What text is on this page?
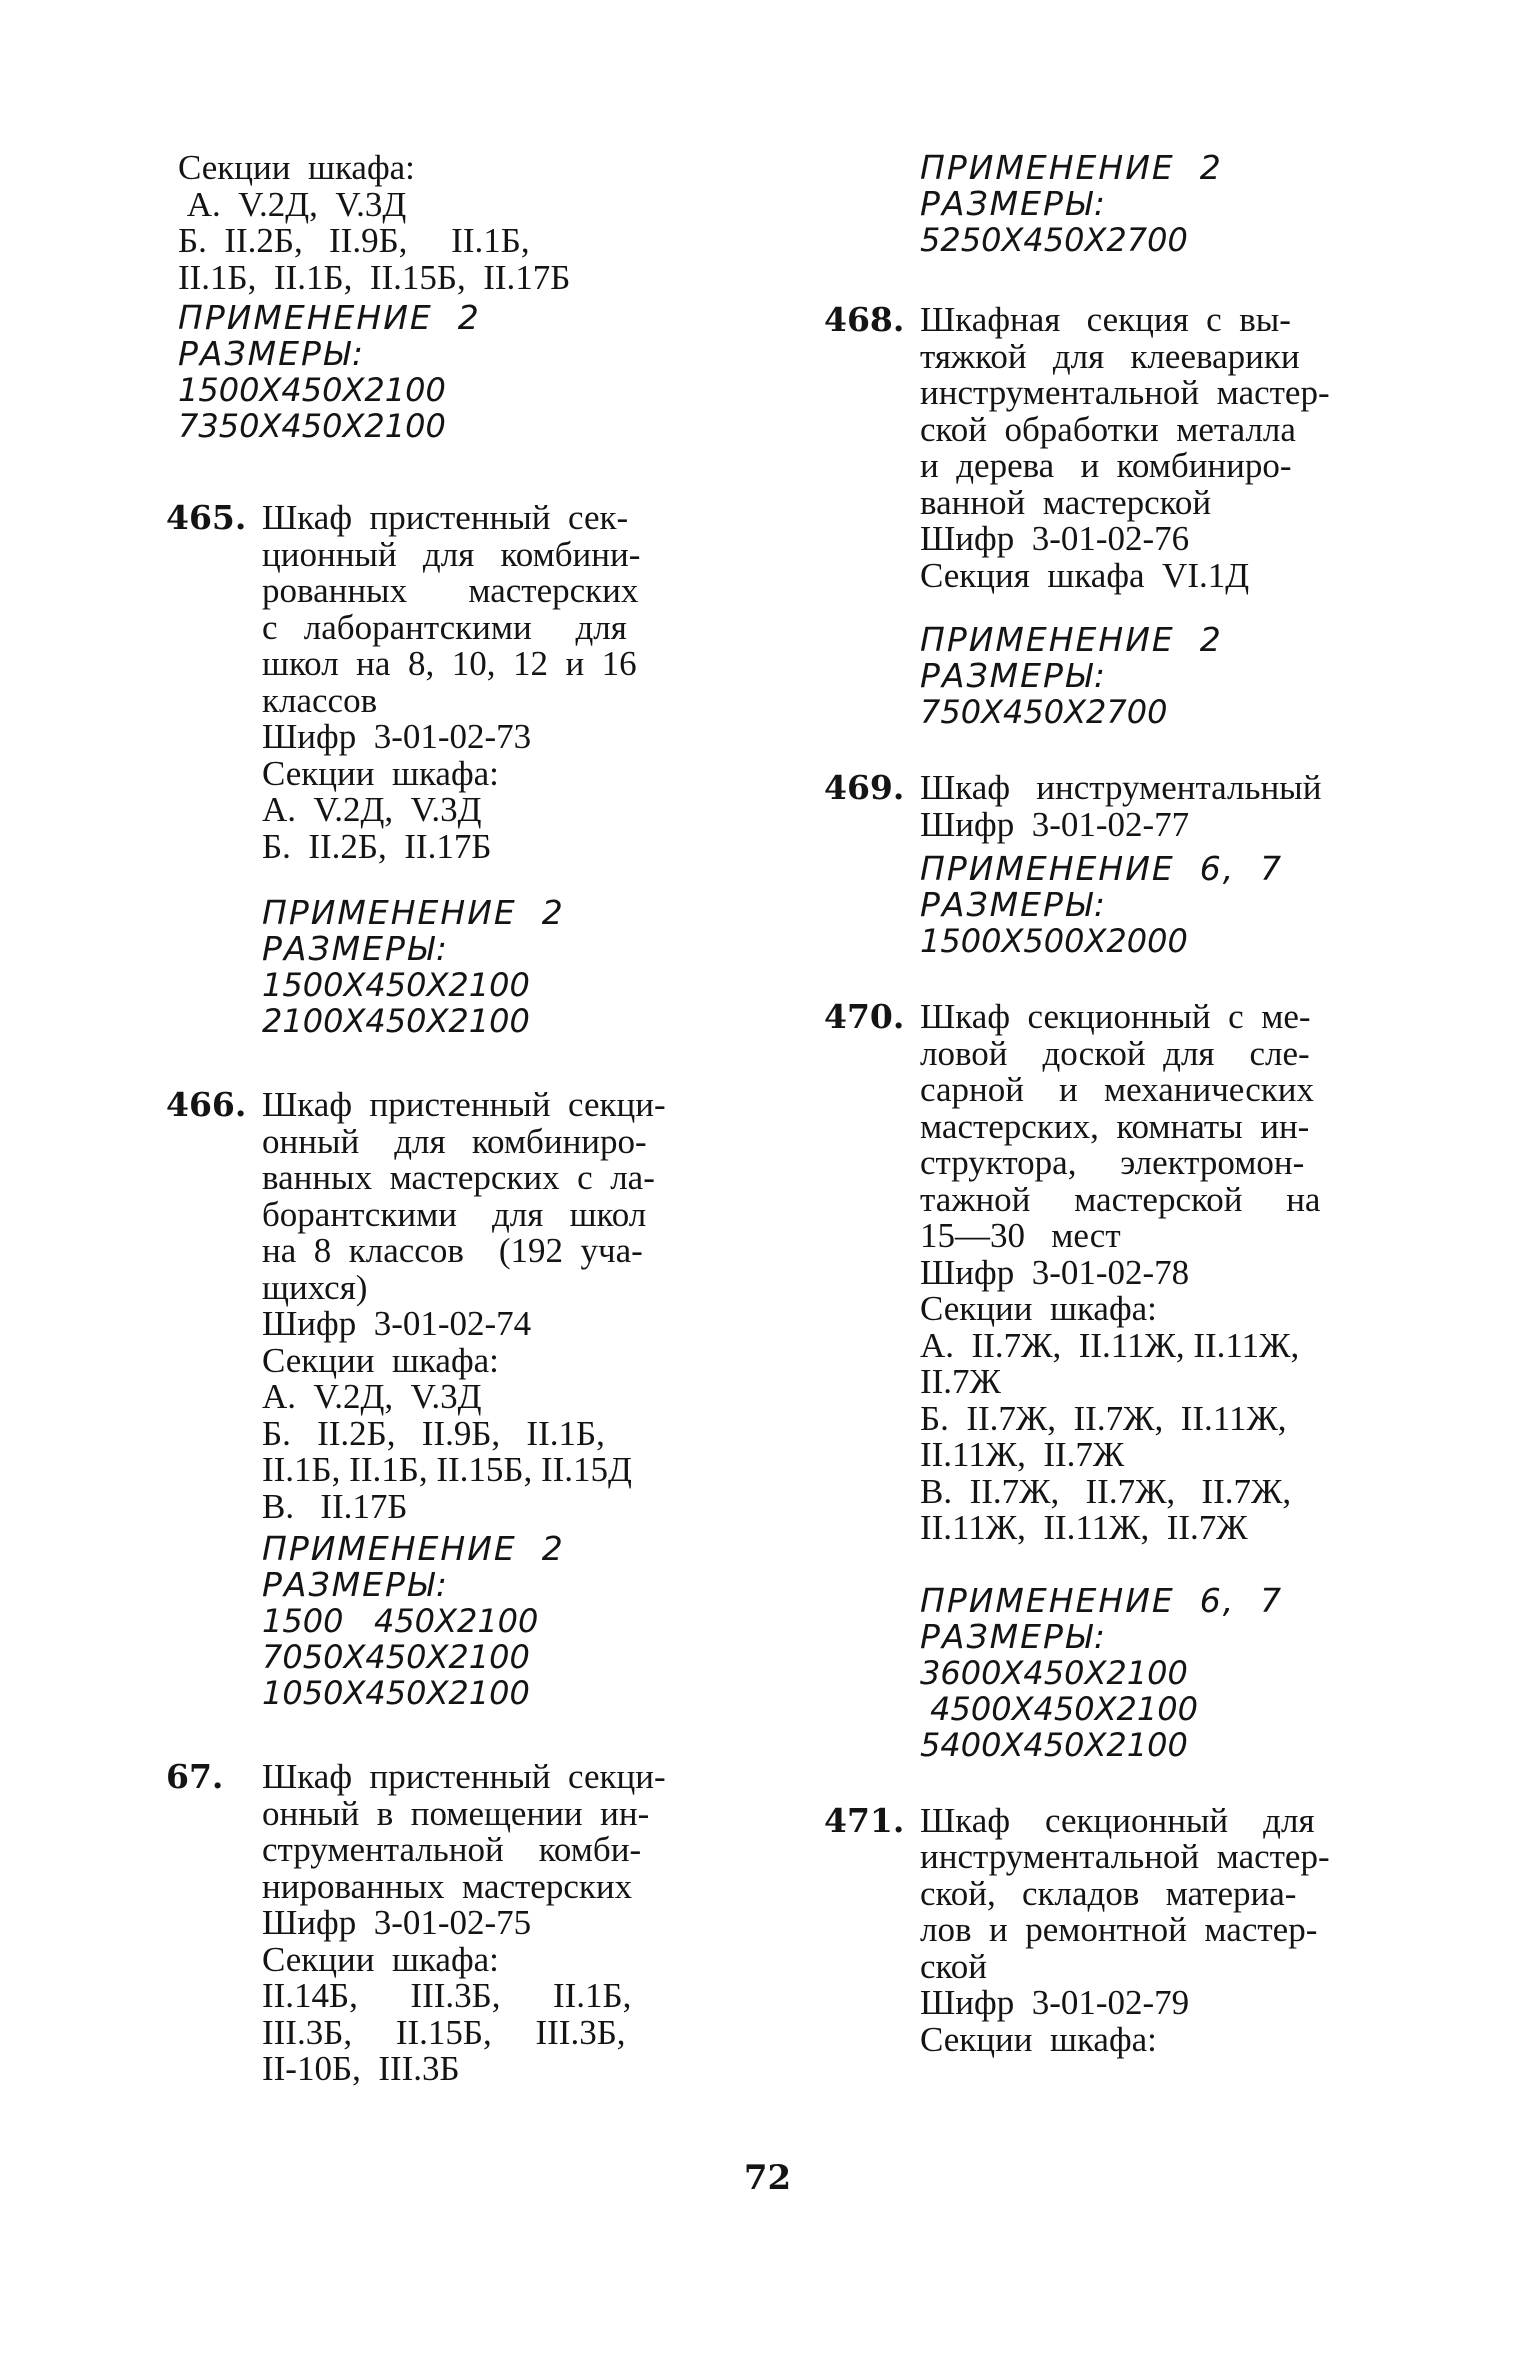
Секции  шкафа:
А.  V.2Д,  V.3Д
Б.  II.2Б,   II.9Б,     II.1Б,
II.1Б,  II.1Б,  II.15Б,  II.17Б
ПРИМЕНЕНИЕ  2
РАЗМЕРЫ:
1500Х450Х2100
7350Х450Х2100
465. Шкаф  пристенный  сек-
ционный   для   комбини-
рованных       мастерских
с   лаборантскими     для
школ  на  8,  10,  12  и  16
классов
Шифр  3-01-02-73
Секции  шкафа:
А.  V.2Д,  V.3Д
Б.  II.2Б,  II.17Б
ПРИМЕНЕНИЕ  2
РАЗМЕРЫ:
1500Х450Х2100
2100Х450Х2100
466. Шкаф  пристенный  секци-
онный    для   комбиниро-
ванных  мастерских  с  ла-
борантскими    для   школ
на  8  классов    (192  уча-
щихся)
Шифр  3-01-02-74
Секции  шкафа:
А.  V.2Д,  V.3Д
Б.   II.2Б,   II.9Б,   II.1Б,
II.1Б, II.1Б, II.15Б, II.15Д
В.   II.17Б
ПРИМЕНЕНИЕ  2
РАЗМЕРЫ:
1500   450Х2100
7050Х450Х2100
1050Х450Х2100
67.	Шкаф  пристенный  секци-
онный  в  помещении  ин-
струментальной    комби-
нированных  мастерских
Шифр  3-01-02-75
Секции  шкафа:
II.14Б,      III.3Б,      II.1Б,
III.3Б,     II.15Б,     III.3Б,
II-10Б,  III.3Б
ПРИМЕНЕНИЕ  2
РАЗМЕРЫ:
5250Х450Х2700
468. Шкафная   секция  с  вы-
тяжкой   для   клееварики
инструментальной  мастер-
ской  обработки  металла
и  дерева   и  комбиниро-
ванной  мастерской
Шифр  3-01-02-76
Секция  шкафа  VI.1Д
ПРИМЕНЕНИЕ  2
РАЗМЕРЫ:
750Х450Х2700
469. Шкаф   инструментальный
Шифр  3-01-02-77
ПРИМЕНЕНИЕ  6,  7
РАЗМЕРЫ:
1500Х500Х2000
470. Шкаф  секционный  с  ме-
ловой    доской  для    сле-
сарной    и   механических
мастерских,  комнаты  ин-
структора,     электромон-
тажной     мастерской     на
15—30   мест
Шифр  3-01-02-78
Секции  шкафа:
А.  II.7Ж,  II.11Ж, II.11Ж,
II.7Ж
Б.  II.7Ж,  II.7Ж,  II.11Ж,
II.11Ж,  II.7Ж
В.  II.7Ж,   II.7Ж,   II.7Ж,
II.11Ж,  II.11Ж,  II.7Ж
ПРИМЕНЕНИЕ  6,  7
РАЗМЕРЫ:
3600Х450Х2100
4500Х450Х2100
5400Х450Х2100
471. Шкаф    секционный    для
инструментальной  мастер-
ской,   складов   материа-
лов  и  ремонтной  мастер-
ской
Шифр  3-01-02-79
Секции  шкафа:
72
